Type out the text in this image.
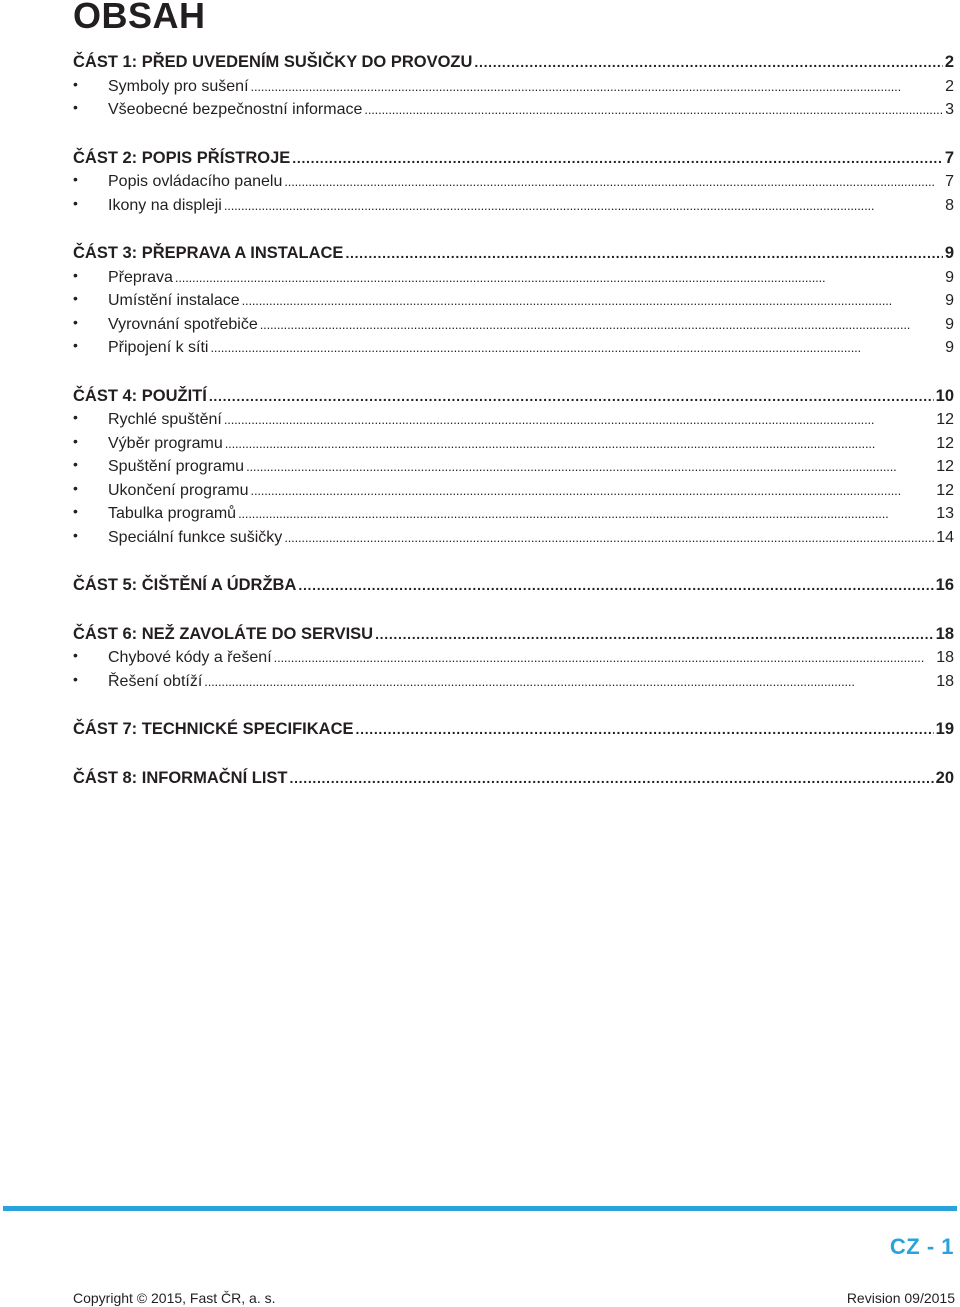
OBSAH
ČÁST 1: PŘED UVEDENÍM SUŠIČKY DO PROVOZU . . .	2
•
Symboly pro sušení . . .	2
•
Všeobecné bezpečnostní informace . . .	3
ČÁST 2: POPIS PŘÍSTROJE . . .	7
•
Popis ovládacího panelu . . .	7
•
Ikony na displeji . . .	8
ČÁST 3: PŘEPRAVA A INSTALACE . . .	9
•
Přeprava . . .	9
•
Umístění instalace . . .	9
•
Vyrovnání spotřebiče . . .	9
•
Připojení k síti . . .	9
ČÁST 4: POUŽITÍ . . .	10
•
Rychlé spuštění . . .	12
•
Výběr programu . . .	12
•
Spuštění programu . . .	12
•
Ukončení programu . . .	12
•
Tabulka programů . . .	13
•
Speciální funkce sušičky . . .	14
ČÁST 5: ČIŠTĚNÍ A ÚDRŽBA . . .	16
ČÁST 6: NEŽ ZAVOLÁTE DO SERVISU . . .	18
•
Chybové kódy a řešení . . .	18
•
Řešení obtíží . . .	18
ČÁST 7: TECHNICKÉ SPECIFIKACE . . .	19
ČÁST 8: INFORMAČNÍ LIST . . .	20
CZ - 1
Copyright © 2015, Fast ČR, a. s.	Revision 09/2015
